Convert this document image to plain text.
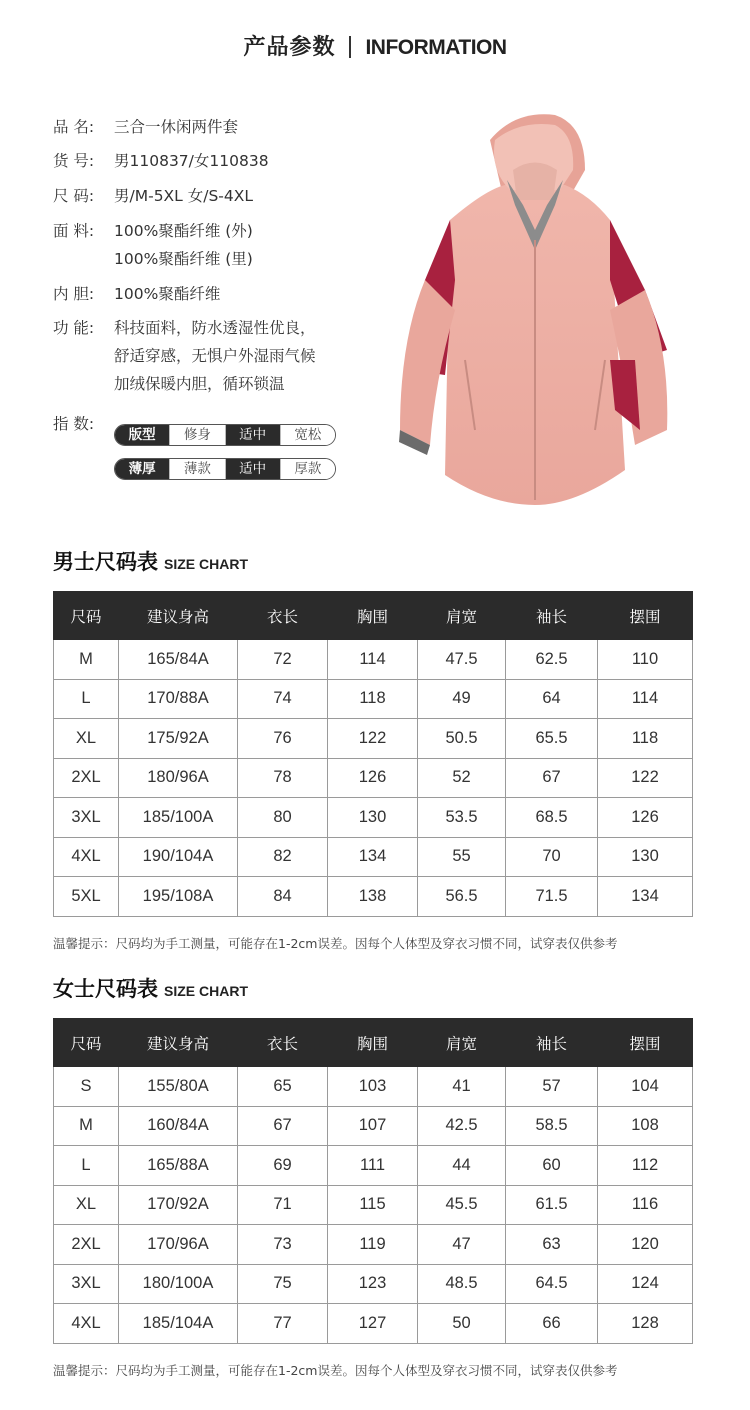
产品参数 INFORMATION
品 名:	三合一休闲两件套
货 号:	男110837/女110838
尺 码:	男/M-5XL 女/S-4XL
面 料:	100%聚酯纤维 (外)
100%聚酯纤维 (里)
内 胆:	100%聚酯纤维
功 能:	科技面料，防水透湿性优良，
舒适穿感，无惧户外湿雨气候
加绒保暖内胆，循环锁温
指 数:
版型	修身	适中	宽松
薄厚	薄款	适中	厚款
男士尺码表 SIZE CHART
尺码	建议身高	衣长	胸围	肩宽	袖长	摆围
M	165/84A	72	114	47.5	62.5	110
L	170/88A	74	118	49	64	114
XL	175/92A	76	122	50.5	65.5	118
2XL	180/96A	78	126	52	67	122
3XL	185/100A	80	130	53.5	68.5	126
4XL	190/104A	82	134	55	70	130
5XL	195/108A	84	138	56.5	71.5	134
温馨提示：尺码均为手工测量，可能存在1-2cm误差。因每个人体型及穿衣习惯不同，试穿表仅供参考
女士尺码表 SIZE CHART
尺码	建议身高	衣长	胸围	肩宽	袖长	摆围
S	155/80A	65	103	41	57	104
M	160/84A	67	107	42.5	58.5	108
L	165/88A	69	111	44	60	112
XL	170/92A	71	115	45.5	61.5	116
2XL	170/96A	73	119	47	63	120
3XL	180/100A	75	123	48.5	64.5	124
4XL	185/104A	77	127	50	66	128
温馨提示：尺码均为手工测量，可能存在1-2cm误差。因每个人体型及穿衣习惯不同，试穿表仅供参考
